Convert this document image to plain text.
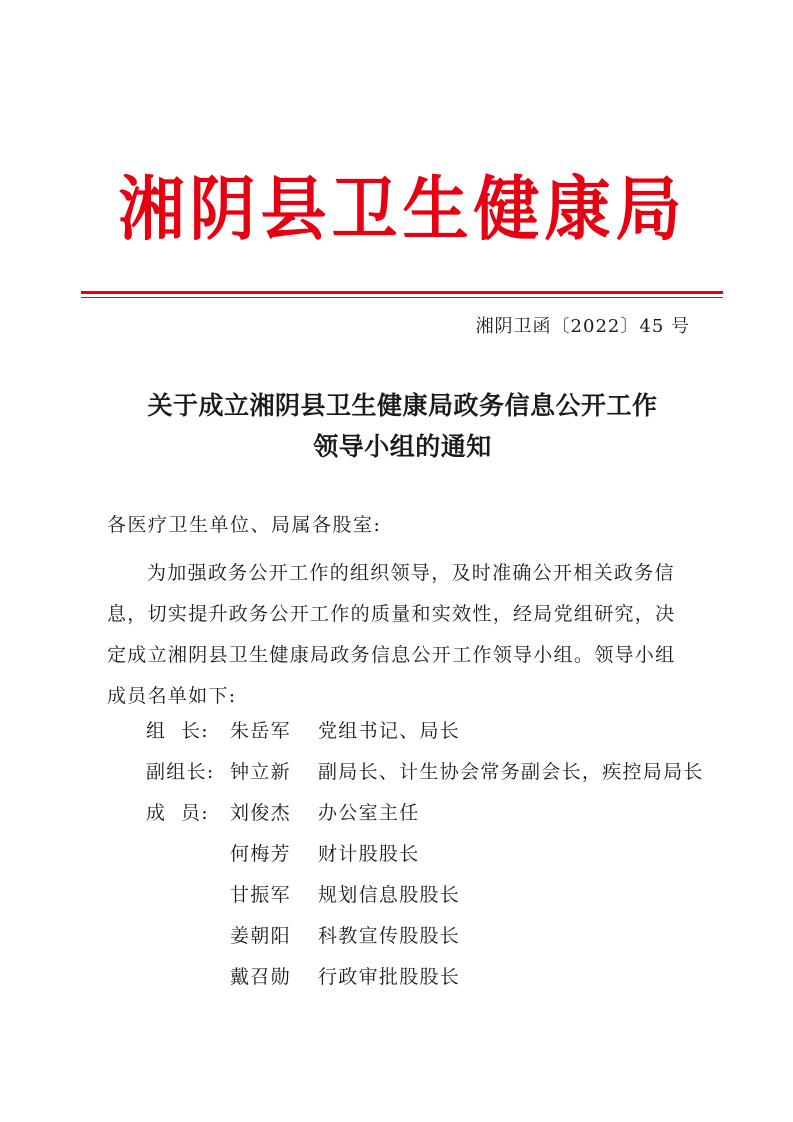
湘阴县卫生健康局
湘阴卫函〔2022〕45 号
关于成立湘阴县卫生健康局政务信息公开工作
领导小组的通知
各医疗卫生单位、局属各股室:
为加强政务公开工作的组织领导，及时准确公开相关政务信
息，切实提升政务公开工作的质量和实效性，经局党组研究，决
定成立湘阴县卫生健康局政务信息公开工作领导小组。领导小组
成员名单如下:
组  长:	朱岳军	党组书记、局长
副组长: 钟立新	副局长、计生协会常务副会长，疾控局局长
成  员:	刘俊杰	办公室主任
何梅芳	财计股股长
甘振军	规划信息股股长
姜朝阳	科教宣传股股长
戴召勋	行政审批股股长
